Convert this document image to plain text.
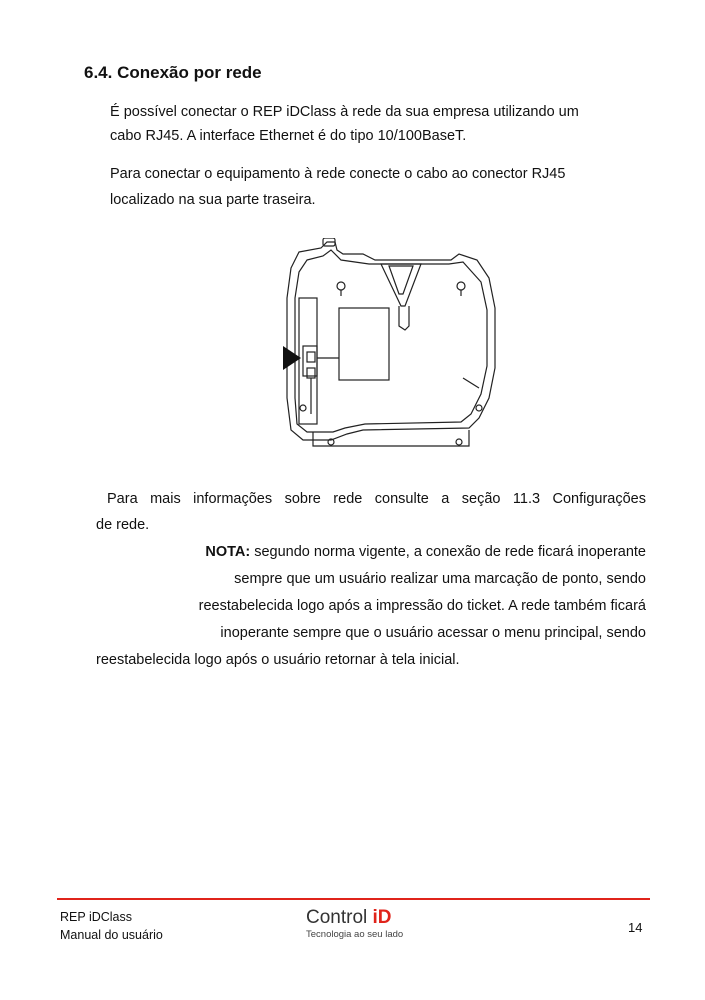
6.4. Conexão por rede

É possível conectar o REP iDClass à rede da sua empresa utilizando um
cabo RJ45. A interface Ethernet é do tipo 10/100BaseT.

Para conectar o equipamento à rede conecte o cabo ao conector RJ45
localizado na sua parte traseira.

Para mais informações sobre rede consulte a seção 11.3 Configurações
de rede.

NOTA: segundo norma vigente, a conexão de rede ficará inoperante
sempre que um usuário realizar uma marcação de ponto, sendo
reestabelecida logo após a impressão do ticket. A rede também ficará
inoperante sempre que o usuário acessar o menu principal, sendo
reestabelecida logo após o usuário retornar à tela inicial.
REP iDClass
Manual do usuário
Control iD
Tecnologia ao seu lado	14
